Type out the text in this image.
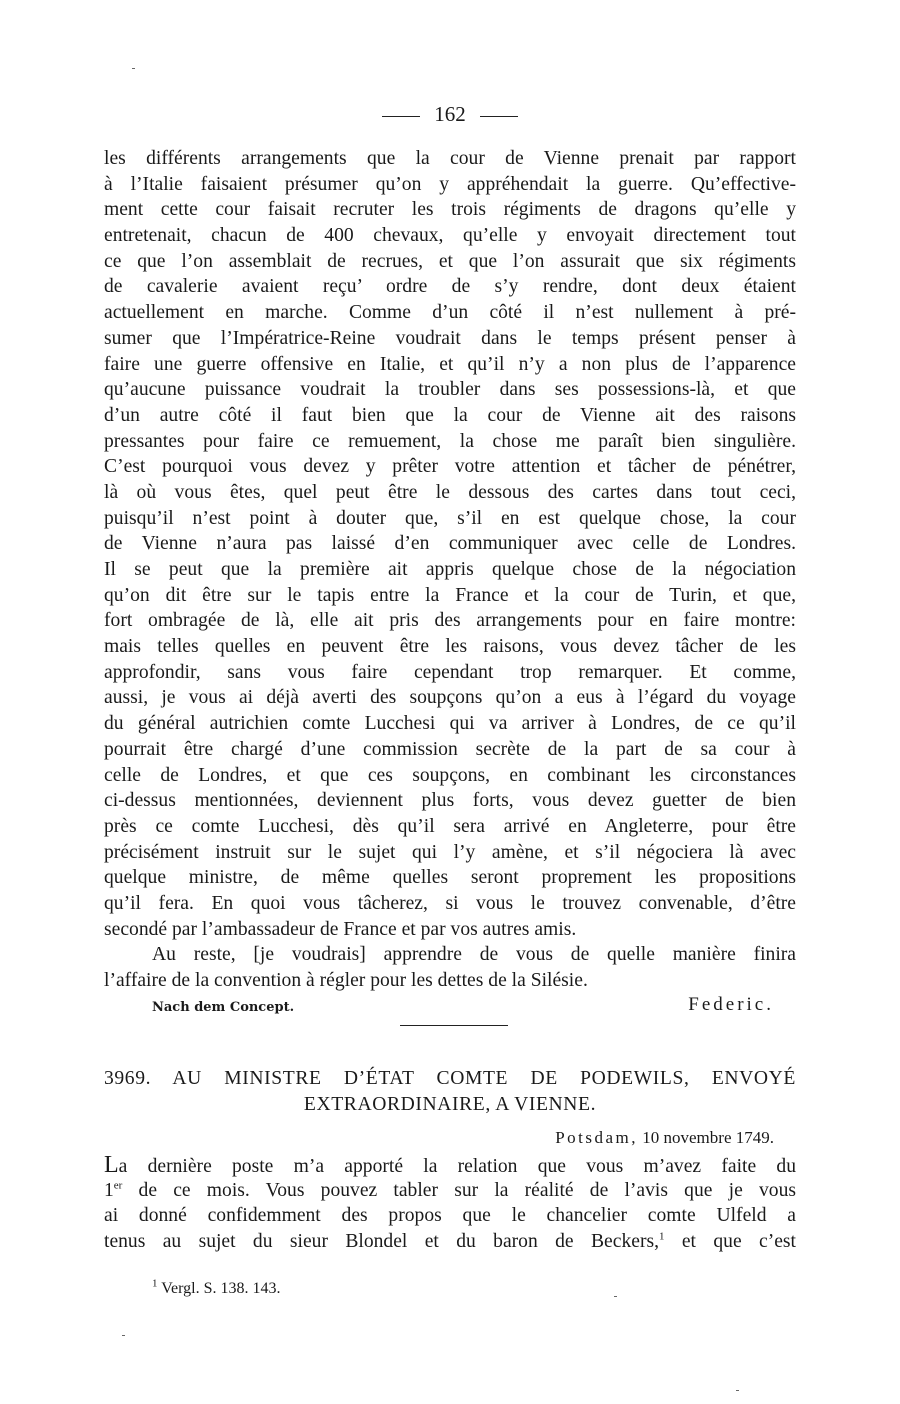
162
les différents arrangements que la cour de Vienne prenait par rapport
à l’Italie faisaient présumer qu’on y appréhendait la guerre. Qu’effective-
ment cette cour faisait recruter les trois régiments de dragons qu’elle y
entretenait, chacun de 400 chevaux, qu’elle y envoyait directement tout
ce que l’on assemblait de recrues, et que l’on assurait que six régiments
de cavalerie avaient reçu’ ordre de s’y rendre, dont deux étaient
actuellement en marche. Comme d’un côté il n’est nullement à pré-
sumer que l’Impératrice-Reine voudrait dans le temps présent penser à
faire une guerre offensive en Italie, et qu’il n’y a non plus de l’apparence
qu’aucune puissance voudrait la troubler dans ses possessions-là, et que
d’un autre côté il faut bien que la cour de Vienne ait des raisons
pressantes pour faire ce remuement, la chose me paraît bien singulière.
C’est pourquoi vous devez y prêter votre attention et tâcher de pénétrer,
là où vous êtes, quel peut être le dessous des cartes dans tout ceci,
puisqu’il n’est point à douter que, s’il en est quelque chose, la cour
de Vienne n’aura pas laissé d’en communiquer avec celle de Londres.
Il se peut que la première ait appris quelque chose de la négociation
qu’on dit être sur le tapis entre la France et la cour de Turin, et que,
fort ombragée de là, elle ait pris des arrangements pour en faire montre:
mais telles quelles en peuvent être les raisons, vous devez tâcher de les
approfondir, sans vous faire cependant trop remarquer. Et comme,
aussi, je vous ai déjà averti des soupçons qu’on a eus à l’égard du voyage
du général autrichien comte Lucchesi qui va arriver à Londres, de ce qu’il
pourrait être chargé d’une commission secrète de la part de sa cour à
celle de Londres, et que ces soupçons, en combinant les circonstances
ci-dessus mentionnées, deviennent plus forts, vous devez guetter de bien
près ce comte Lucchesi, dès qu’il sera arrivé en Angleterre, pour être
précisément instruit sur le sujet qui l’y amène, et s’il négociera là avec
quelque ministre, de même quelles seront proprement les propositions
qu’il fera. En quoi vous tâcherez, si vous le trouvez convenable, d’être
secondé par l’ambassadeur de France et par vos autres amis.
Au reste, [je voudrais] apprendre de vous de quelle manière finira
l’affaire de la convention à régler pour les dettes de la Silésie.
Nach dem Concept.	Federic.
3969. AU MINISTRE D’ÉTAT COMTE DE PODEWILS, ENVOYÉ
EXTRAORDINAIRE, A VIENNE.
Potsdam, 10 novembre 1749.
La dernière poste m’a apporté la relation que vous m’avez faite du
1er de ce mois. Vous pouvez tabler sur la réalité de l’avis que je vous
ai donné confidemment des propos que le chancelier comte Ulfeld a
tenus au sujet du sieur Blondel et du baron de Beckers,$^1$ et que c’est
$^1$ Vergl. S. 138. 143.
